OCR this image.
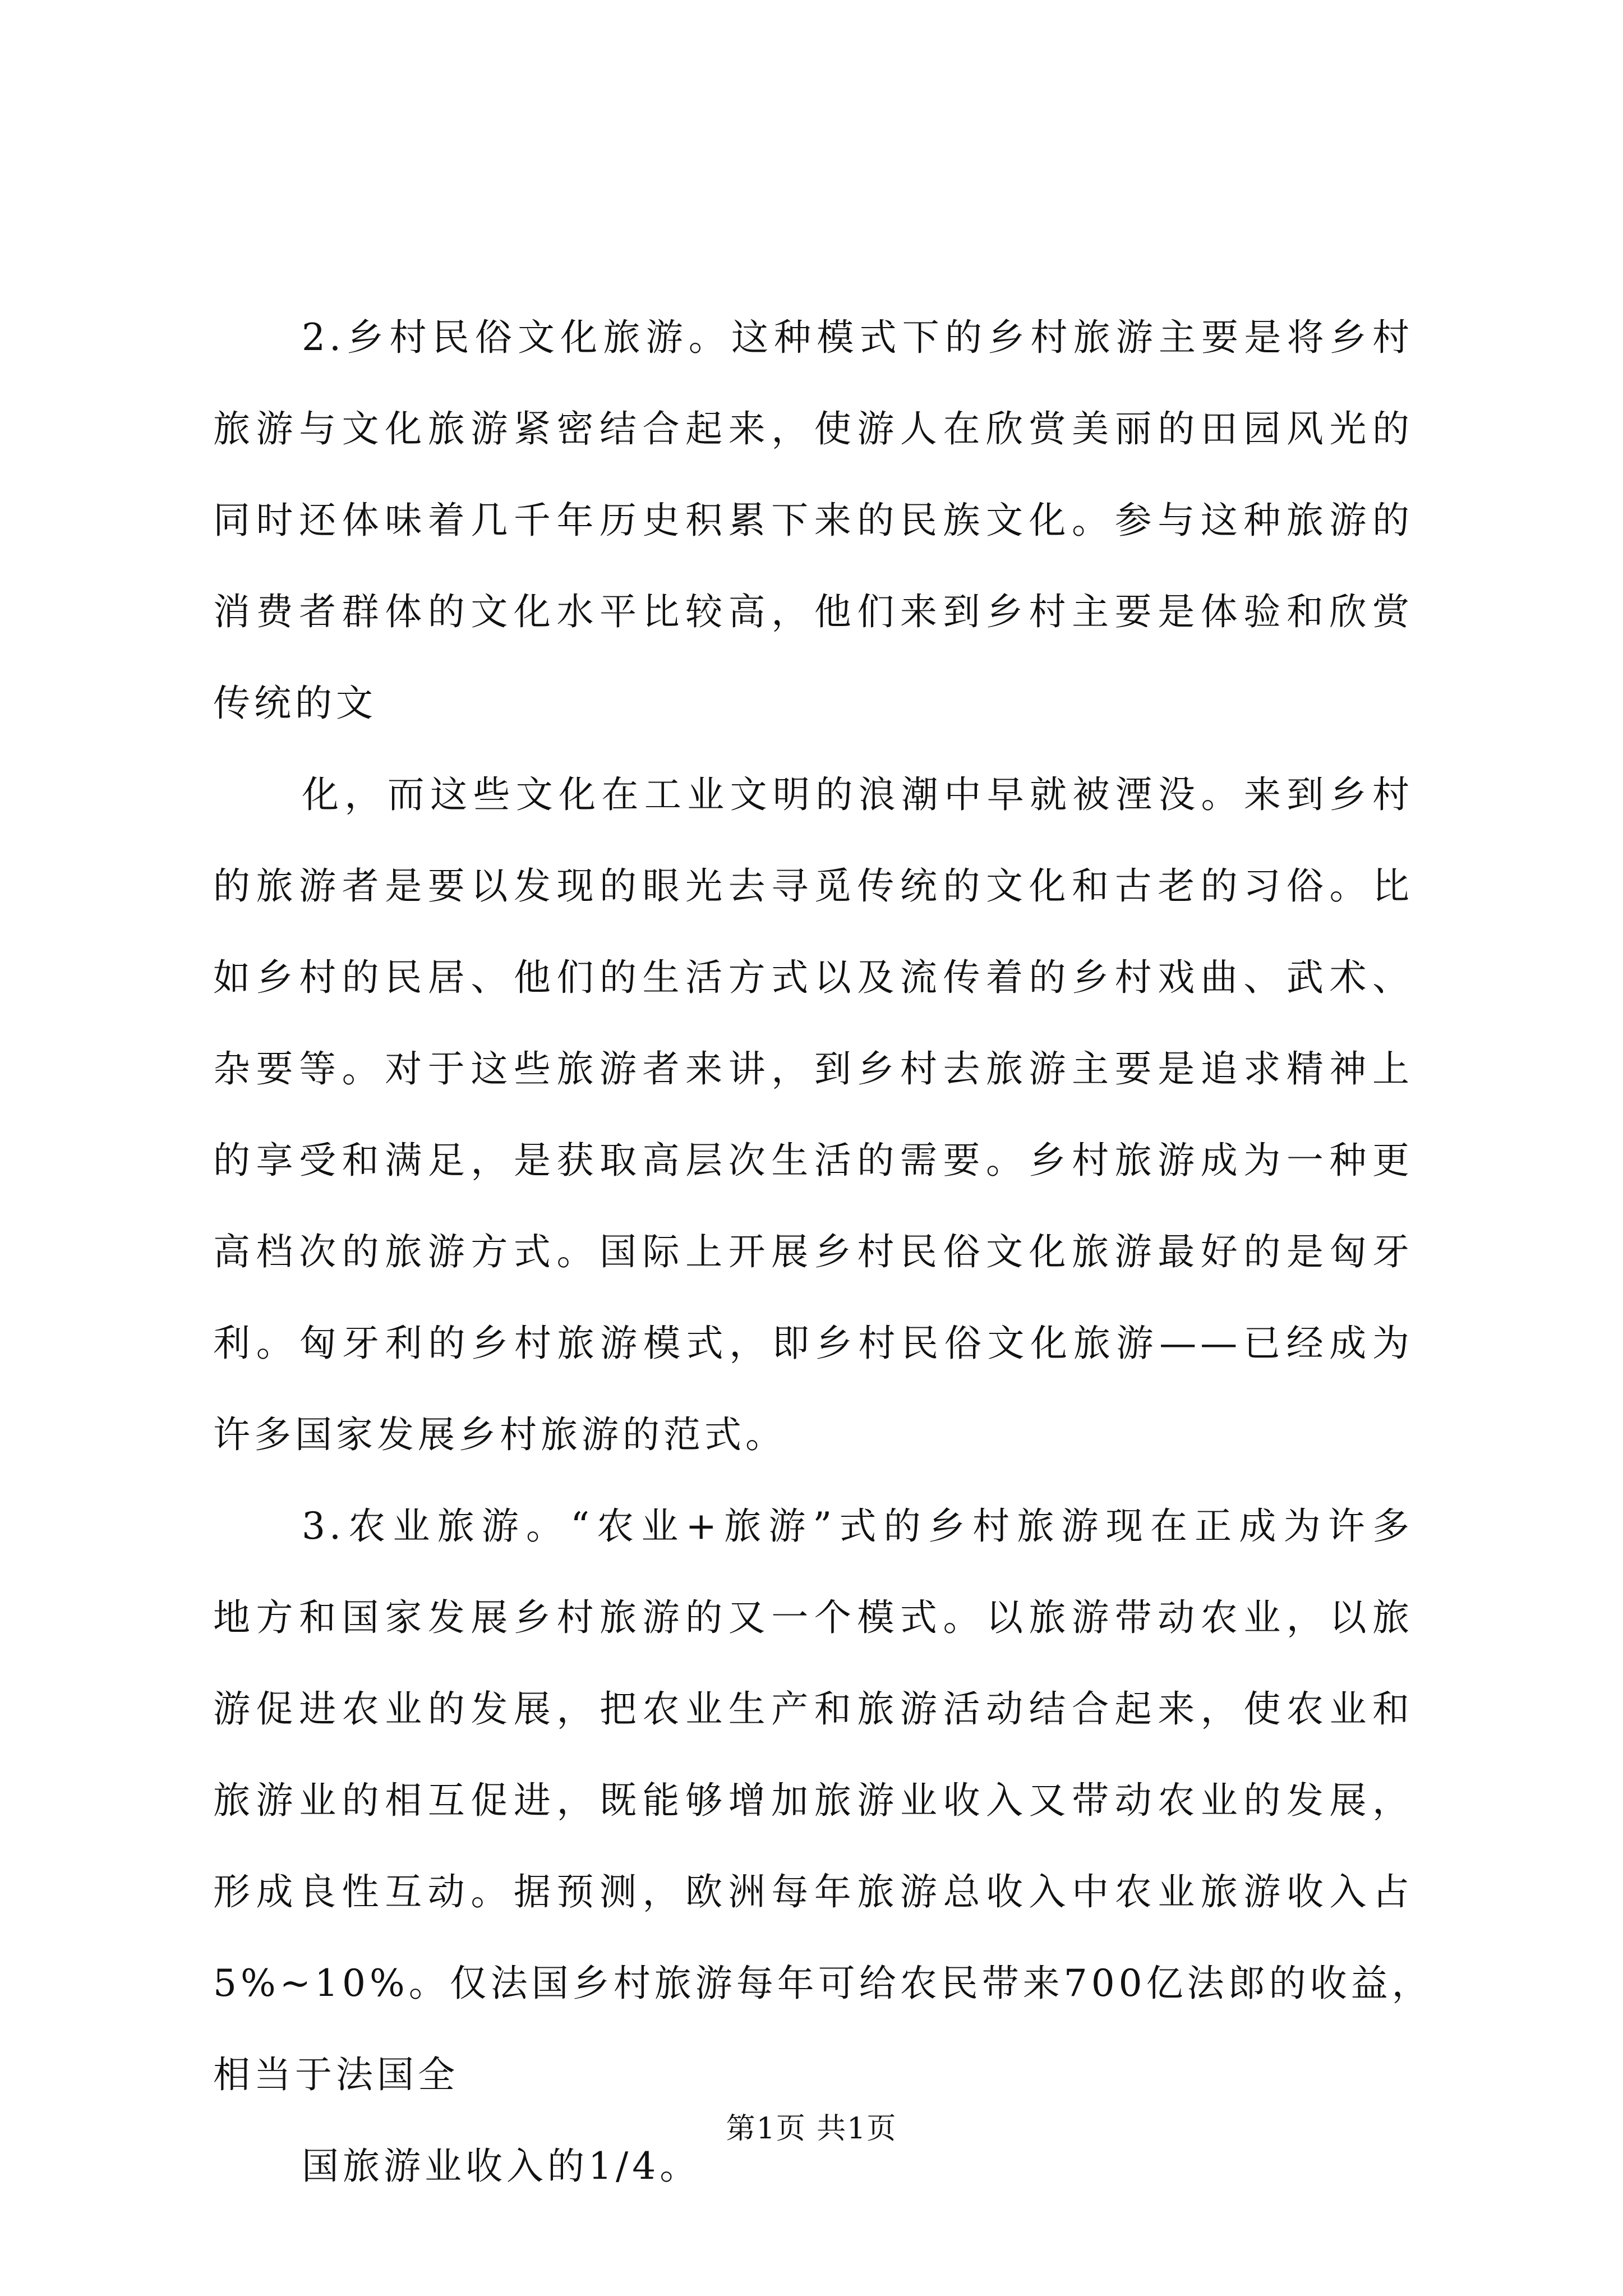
2.乡村民俗文化旅游。这种模式下的乡村旅游主要是将乡村
旅游与文化旅游紧密结合起来，使游人在欣赏美丽的田园风光的
同时还体味着几千年历史积累下来的民族文化。参与这种旅游的
消费者群体的文化水平比较高，他们来到乡村主要是体验和欣赏
传统的文

化，而这些文化在工业文明的浪潮中早就被湮没。来到乡村
的旅游者是要以发现的眼光去寻觅传统的文化和古老的习俗。比
如乡村的民居、他们的生活方式以及流传着的乡村戏曲、武术、
杂要等。对于这些旅游者来讲，到乡村去旅游主要是追求精神上
的享受和满足，是获取高层次生活的需要。乡村旅游成为一种更
高档次的旅游方式。国际上开展乡村民俗文化旅游最好的是匈牙
利。匈牙利的乡村旅游模式，即乡村民俗文化旅游——已经成为
许多国家发展乡村旅游的范式。

3.农业旅游。“农业+旅游”式的乡村旅游现在正成为许多
地方和国家发展乡村旅游的又一个模式。以旅游带动农业，以旅
游促进农业的发展，把农业生产和旅游活动结合起来，使农业和
旅游业的相互促进，既能够增加旅游业收入又带动农业的发展，
形成良性互动。据预测，欧洲每年旅游总收入中农业旅游收入占
5%~10%。仅法国乡村旅游每年可给农民带来700亿法郎的收益，
相当于法国全

国旅游业收入的1/4。

第1页 共1页
